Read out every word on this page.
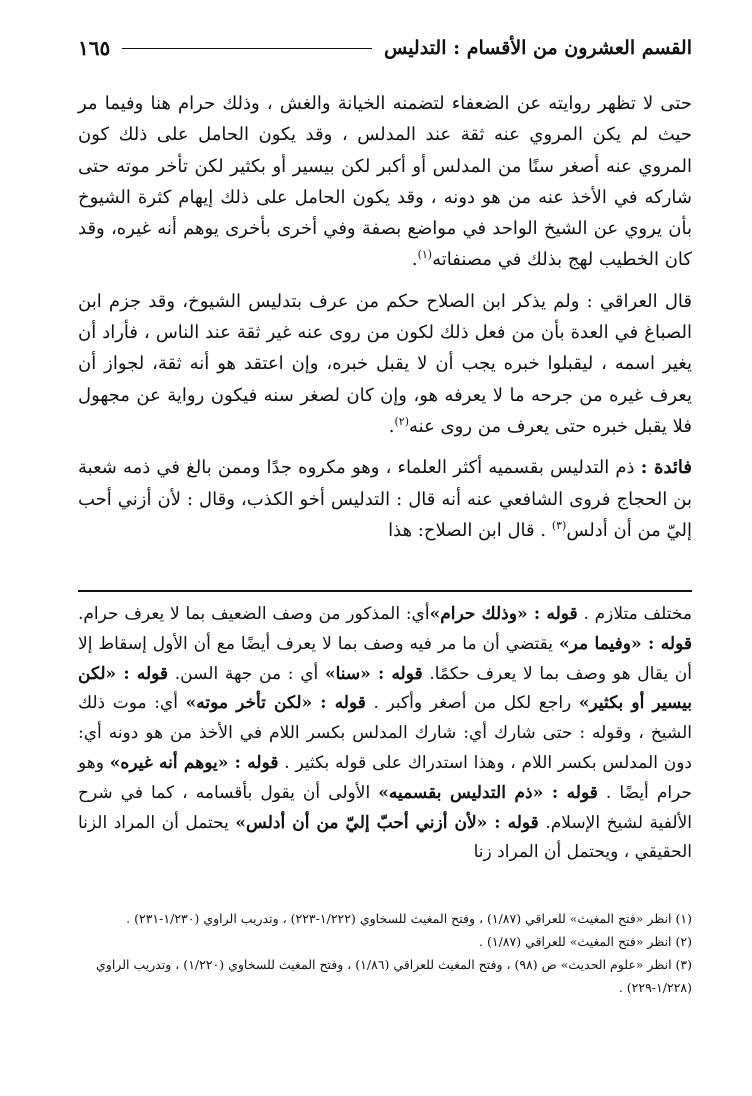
القسم العشرون من الأقسام : التدليس
١٦٥

حتى لا تظهر روايته عن الضعفاء لتضمنه الخيانة والغش ، وذلك حرام هنا وفيما مر حيث لم يكن المروي عنه ثقة عند المدلس ، وقد يكون الحامل على ذلك كون المروي عنه أصغر سنًا من المدلس أو أكبر لكن بيسير أو بكثير لكن تأخر موته حتى شاركه في الأخذ عنه من هو دونه ، وقد يكون الحامل على ذلك إيهام كثرة الشيوخ بأن يروي عن الشيخ الواحد في مواضع بصفة وفي أخرى بأخرى يوهم أنه غيره، وقد كان الخطيب لهج بذلك في مصنفاته$^{(١)}$.

قال العراقي : ولم يذكر ابن الصلاح حكم من عرف بتدليس الشيوخ، وقد جزم ابن الصباغ في العدة بأن من فعل ذلك لكون من روى عنه غير ثقة عند الناس ، فأراد أن يغير اسمه ، ليقبلوا خبره يجب أن لا يقبل خبره، وإن اعتقد هو أنه ثقة، لجواز أن يعرف غيره من جرحه ما لا يعرفه هو، وإن كان لصغر سنه فيكون رواية عن مجهول فلا يقبل خبره حتى يعرف من روى عنه$^{(٢)}$.

فائدة : ذم التدليس بقسميه أكثر العلماء ، وهو مكروه جدًا وممن بالغ في ذمه شعبة بن الحجاج فروى الشافعي عنه أنه قال : التدليس أخو الكذب، وقال : لأن أزني أحب إليّ من أن أدلس$^{(٣)}$ . قال ابن الصلاح: هذا

مختلف متلازم . قوله : «وذلك حرام»أي: المذكور من وصف الضعيف بما لا يعرف حرام. قوله : «وفيما مر» يقتضي أن ما مر فيه وصف بما لا يعرف أيضًا مع أن الأول إسقاط إلا أن يقال هو وصف بما لا يعرف حكمًا. قوله : «سنا» أي : من جهة السن. قوله : «لكن بيسير أو بكثير» راجع لكل من أصغر وأكبر . قوله : «لكن تأخر موته» أي: موت ذلك الشيخ ، وقوله : حتى شارك أي: شارك المدلس بكسر اللام في الأخذ من هو دونه أي: دون المدلس بكسر اللام ، وهذا استدراك على قوله بكثير . قوله : «يوهم أنه غيره» وهو حرام أيضًا . قوله : «ذم التدليس بقسميه» الأولى أن يقول بأقسامه ، كما في شرح الألفية لشيخ الإسلام. قوله : «لأن أزني أحبّ إليّ من أن أدلس» يحتمل أن المراد الزنا الحقيقي ، ويحتمل أن المراد زنا

(١) انظر «فتح المغيث» للعراقي (١/٨٧) ، وفتح المغيث للسخاوي (١/٢٢٢-٢٢٣) ، وتدريب الراوي (١/٢٣٠-٢٣١) .
(٢) انظر «فتح المغيث» للعراقي (١/٨٧) .
(٣) انظر «علوم الحديث» ص (٩٨) ، وفتح المغيث للعراقي (١/٨٦) ، وفتح المغيث للسخاوي (١/٢٢٠) ، وتدريب الراوي (١/٢٢٨-٢٢٩) .
